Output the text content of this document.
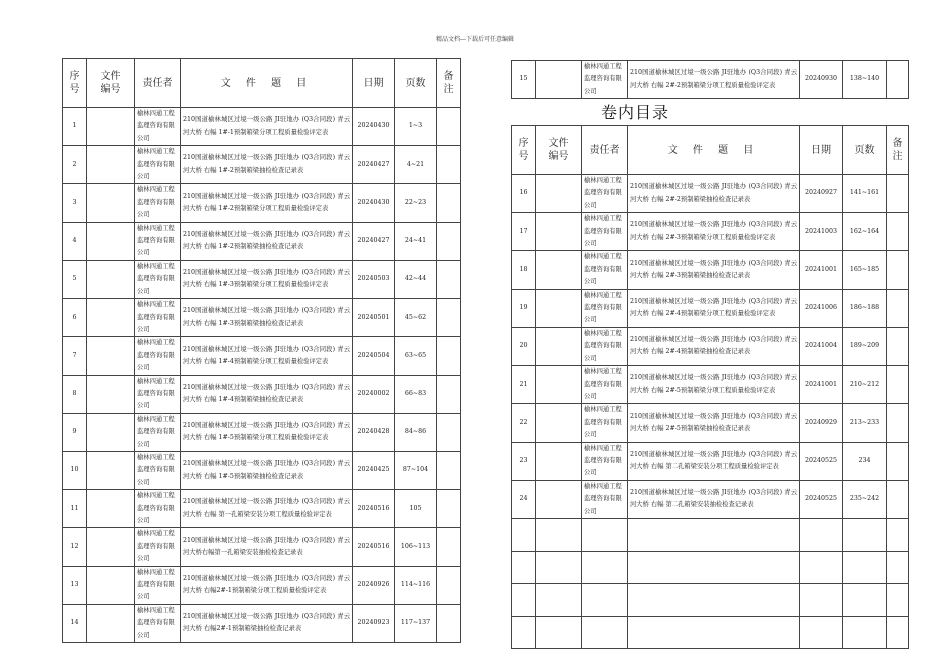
精品文档---下载后可任意编辑
序
号	文件
编号	责任者	文 件 题 目	日期	页数	备
注
1		榆林四通工程监理咨询有限公司	210国道榆林城区过境一级公路 JI驻地办 (Q3合同段) 青云河大桥 右幅 1#-1预制箱梁分项工程质量检验评定表	20240430	1~3	
2		榆林四通工程监理咨询有限公司	210国道榆林城区过境一级公路 JI驻地办 (Q3合同段) 青云河大桥 右幅 1#-2预制箱梁抽检检查记录表	20240427	4~21	
3		榆林四通工程监理咨询有限公司	210国道榆林城区过境一级公路 JI驻地办 (Q3合同段) 青云河大桥 右幅 1#-2预制箱梁分项工程质量检验评定表	20240430	22~23	
4		榆林四通工程监理咨询有限公司	210国道榆林城区过境一级公路 JI驻地办 (Q3合同段) 青云河大桥 右幅 1#-2预制箱梁抽检检查记录表	20240427	24~41	
5		榆林四通工程监理咨询有限公司	210国道榆林城区过境一级公路 JI驻地办 (Q3合同段) 青云河大桥 右幅 1#-3预制箱梁分项工程质量检验评定表	20240503	42~44	
6		榆林四通工程监理咨询有限公司	210国道榆林城区过境一级公路 JI驻地办 (Q3合同段) 青云河大桥 右幅 1#-3预制箱梁抽检检查记录表	20240501	45~62	
7		榆林四通工程监理咨询有限公司	210国道榆林城区过境一级公路 JI驻地办 (Q3合同段) 青云河大桥 右幅 1#-4预制箱梁分项工程质量检验评定表	20240504	63~65	
8		榆林四通工程监理咨询有限公司	210国道榆林城区过境一级公路 JI驻地办 (Q3合同段) 青云河大桥 右幅 1#-4预制箱梁抽检检查记录表	20240002	66~83	
9		榆林四通工程监理咨询有限公司	210国道榆林城区过境一级公路 JI驻地办 (Q3合同段) 青云河大桥 右幅 1#-5预制箱梁分项工程质量检验评定表	20240428	84~86	
10		榆林四通工程监理咨询有限公司	210国道榆林城区过境一级公路 JI驻地办 (Q3合同段) 青云河大桥 右幅 1#-5预制箱梁抽检检查记录表	20240425	87~104	
11		榆林四通工程监理咨询有限公司	210国道榆林城区过境一级公路 JI驻地办 (Q3合同段) 青云河大桥 右幅 第一孔箱梁安装分项工程质量检验评定表	20240516	105	
12		榆林四通工程监理咨询有限公司	210国道榆林城区过境一级公路 JI驻地办 (Q3合同段) 青云河大桥右幅第一孔箱梁安装抽检检查记录表	20240516	106~113	
13		榆林四通工程监理咨询有限公司	210国道榆林城区过境一级公路 JI驻地办 (Q3合同段) 青云河大桥 右幅2#-1预制箱梁分项工程质量检验评定表	20240926	114~116	
14		榆林四通工程监理咨询有限公司	210国道榆林城区过境一级公路 JI驻地办 (Q3合同段) 青云河大桥 右幅2#-1预制箱梁抽检检查记录表	20240923	117~137	
15		榆林四通工程监理咨询有限公司	210国道榆林城区过境一级公路 JI驻地办 (Q3合同段) 青云河大桥 右幅 2#-2预制箱梁分项工程质量检验评定表	20240930	138~140	
卷内目录
序
号	文件
编号	责任者	文 件 题 目	日期	页数	备
注
16		榆林四通工程监理咨询有限公司	210国道榆林城区过境一级公路 JI驻地办 (Q3合同段) 青云河大桥 右幅 2#-2预制箱梁抽检检查记录表	20240927	141~161	
17		榆林四通工程监理咨询有限公司	210国道榆林城区过境一级公路 JI驻地办 (Q3合同段) 青云河大桥 右幅 2#-3预制箱梁分项工程质量检验评定表	20241003	162~164	
18		榆林四通工程监理咨询有限公司	210国道榆林城区过境一级公路 JI驻地办 (Q3合同段) 青云河大桥 右幅 2#-3预制箱梁抽检检查记录表	20241001	165~185	
19		榆林四通工程监理咨询有限公司	210国道榆林城区过境一级公路 JI驻地办 (Q3合同段) 青云河大桥 右幅 2#-4预制箱梁分项工程质量检验评定表	20241006	186~188	
20		榆林四通工程监理咨询有限公司	210国道榆林城区过境一级公路 JI驻地办 (Q3合同段) 青云河大桥 右幅 2#-4预制箱梁抽检检查记录表	20241004	189~209	
21		榆林四通工程监理咨询有限公司	210国道榆林城区过境一级公路 JI驻地办 (Q3合同段) 青云河大桥 右幅 2#-5预制箱梁分项工程质量检验评定表	20241001	210~212	
22		榆林四通工程监理咨询有限公司	210国道榆林城区过境一级公路 JI驻地办 (Q3合同段) 青云河大桥 右幅 2#-5预制箱梁抽检检查记录表	20240929	213~233	
23		榆林四通工程监理咨询有限公司	210国道榆林城区过境一级公路 JI驻地办 (Q3合同段) 青云河大桥 右幅 第二孔箱梁安装分项工程质量检验评定表	20240525	234	
24		榆林四通工程监理咨询有限公司	210国道榆林城区过境一级公路 JI驻地办 (Q3合同段) 青云河大桥 右幅 第二孔箱梁安装抽检检查记录表	20240525	235~242	
